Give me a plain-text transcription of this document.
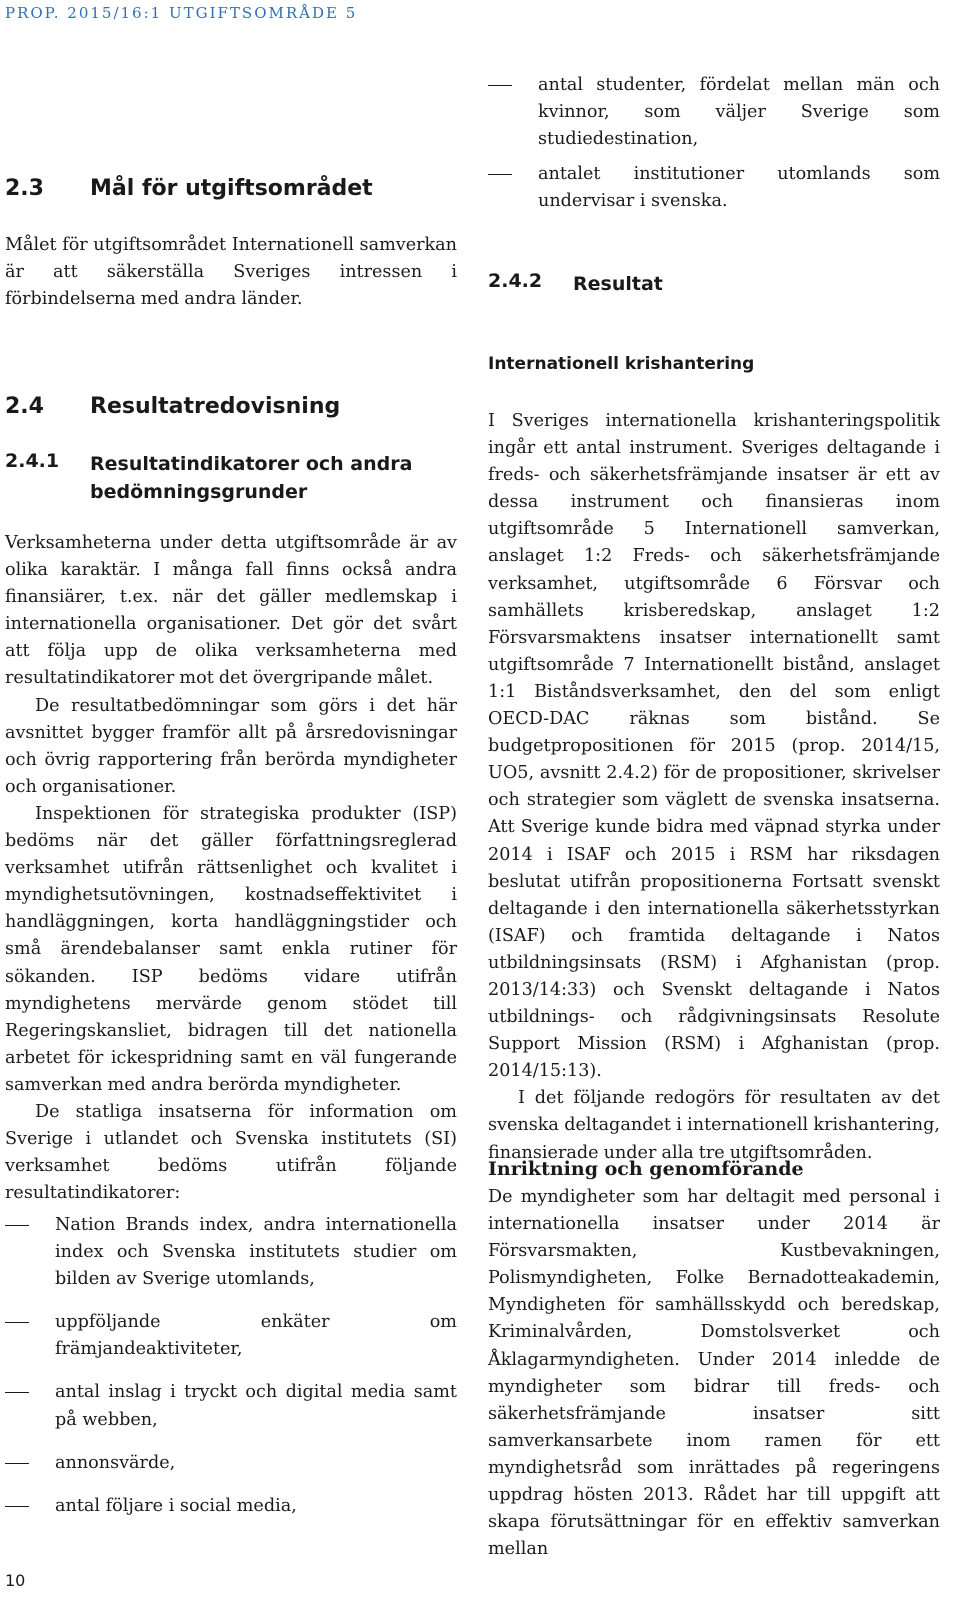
PROP. 2015/16:1 UTGIFTSOMRÅDE 5
2.3 Mål för utgiftsområdet

Målet för utgiftsområdet Internationell samverkan är att säkerställa Sveriges intressen i förbindelserna med andra länder.

2.4 Resultatredovisning
2.4.1	Resultatindikatorer och andra bedömningsgrunder

Verksamheterna under detta utgiftsområde är av olika karaktär. I många fall finns också andra finansiärer, t.ex. när det gäller medlemskap i internationella organisationer. Det gör det svårt att följa upp de olika verksamheterna med resultatindikatorer mot det övergripande målet.

De resultatbedömningar som görs i det här avsnittet bygger framför allt på årsredovisningar och övrig rapportering från berörda myndigheter och organisationer.

Inspektionen för strategiska produkter (ISP) bedöms när det gäller författningsreglerad verksamhet utifrån rättsenlighet och kvalitet i myndighetsutövningen, kostnadseffektivitet i handläggningen, korta handläggningstider och små ärendebalanser samt enkla rutiner för sökanden. ISP bedöms vidare utifrån myndighetens mervärde genom stödet till Regeringskansliet, bidragen till det nationella arbetet för ickespridning samt en väl fungerande samverkan med andra berörda myndigheter.

De statliga insatserna för information om Sverige i utlandet och Svenska institutets (SI) verksamhet bedöms utifrån följande resultatindikatorer:

Nation Brands index, andra internationella index och Svenska institutets studier om bilden av Sverige utomlands,
uppföljande enkäter om främjandeaktiviteter,
antal inslag i tryckt och digital media samt på webben,
annonsvärde,
antal följare i social media,
antal studenter, fördelat mellan män och kvinnor, som väljer Sverige som studiedestination,
antalet institutioner utomlands som undervisar i svenska.
2.4.2	Resultat
Internationell krishantering

I Sveriges internationella krishanteringspolitik ingår ett antal instrument. Sveriges deltagande i freds- och säkerhetsfrämjande insatser är ett av dessa instrument och finansieras inom utgiftsområde 5 Internationell samverkan, anslaget 1:2 Freds- och säkerhetsfrämjande verksamhet, utgiftsområde 6 Försvar och samhällets krisberedskap, anslaget 1:2 Försvarsmaktens insatser internationellt samt utgiftsområde 7 Internationellt bistånd, anslaget 1:1 Biståndsverksamhet, den del som enligt OECD-DAC räknas som bistånd. Se budgetpropositionen för 2015 (prop. 2014/15, UO5, avsnitt 2.4.2) för de propositioner, skrivelser och strategier som väglett de svenska insatserna. Att Sverige kunde bidra med väpnad styrka under 2014 i ISAF och 2015 i RSM har riksdagen beslutat utifrån propositionerna Fortsatt svenskt deltagande i den internationella säkerhetsstyrkan (ISAF) och framtida deltagande i Natos utbildningsinsats (RSM) i Afghanistan (prop. 2013/14:33) och Svenskt deltagande i Natos utbildnings- och rådgivningsinsats Resolute Support Mission (RSM) i Afghanistan (prop. 2014/15:13).

I det följande redogörs för resultaten av det svenska deltagandet i internationell krishantering, finansierade under alla tre utgiftsområden.

Inriktning och genomförande

De myndigheter som har deltagit med personal i internationella insatser under 2014 är Försvarsmakten, Kustbevakningen, Polismyndigheten, Folke Bernadotteakademin, Myndigheten för samhällsskydd och beredskap, Kriminalvården, Domstolsverket och Åklagarmyndigheten. Under 2014 inledde de myndigheter som bidrar till freds- och säkerhetsfrämjande insatser sitt samverkansarbete inom ramen för ett myndighetsråd som inrättades på regeringens uppdrag hösten 2013. Rådet har till uppgift att skapa förutsättningar för en effektiv samverkan mellan

10
